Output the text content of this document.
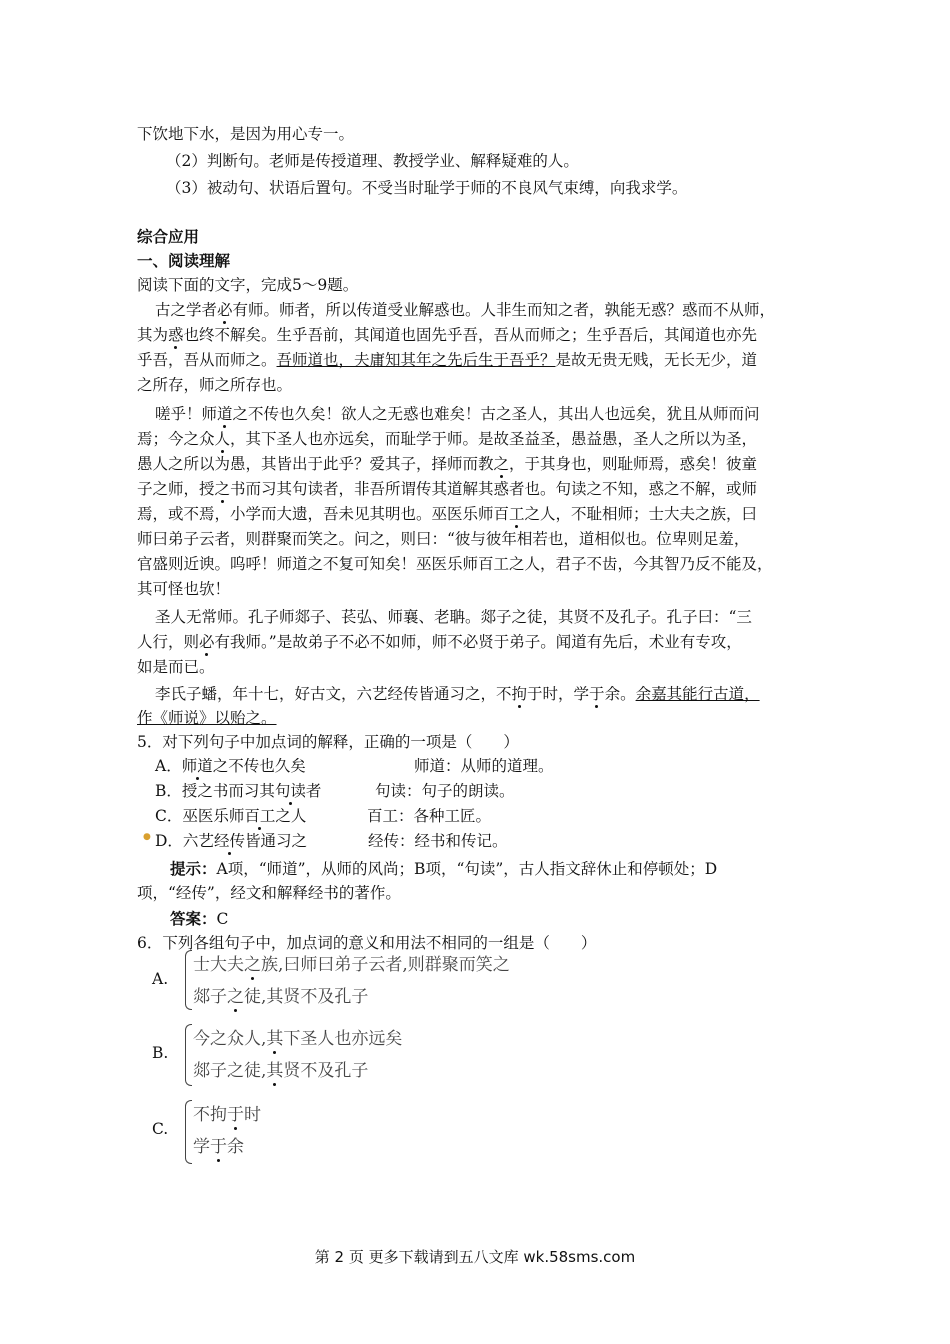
下饮地下水，是因为用心专一。
（2）判断句。老师是传授道理、教授学业、解释疑难的人。
（3）被动句、状语后置句。不受当时耻学于师的不良风气束缚，向我求学。
综合应用
一、阅读理解
阅读下面的文字，完成5～9题。
古之学者必有师。师者，所以传道受业解惑也。人非生而知之者，孰能无惑？惑而不从师，
其为惑也终不解矣。生乎吾前，其闻道也固先乎吾，吾从而师之；生乎吾后，其闻道也亦先
乎吾，吾从而师之。吾师道也，夫庸知其年之先后生于吾乎？是故无贵无贱，无长无少，道
之所存，师之所存也。
嗟乎！师道之不传也久矣！欲人之无惑也难矣！古之圣人，其出人也远矣，犹且从师而问
焉；今之众人，其下圣人也亦远矣，而耻学于师。是故圣益圣，愚益愚，圣人之所以为圣，
愚人之所以为愚，其皆出于此乎？爱其子，择师而教之，于其身也，则耻师焉，惑矣！彼童
子之师，授之书而习其句读者，非吾所谓传其道解其惑者也。句读之不知，惑之不解，或师
焉，或不焉，小学而大遗，吾未见其明也。巫医乐师百工之人，不耻相师；士大夫之族，曰
师曰弟子云者，则群聚而笑之。问之，则曰：“彼与彼年相若也，道相似也。位卑则足羞，
官盛则近谀。呜呼！师道之不复可知矣！巫医乐师百工之人，君子不齿，今其智乃反不能及，
其可怪也欤！
圣人无常师。孔子师郯子、苌弘、师襄、老聃。郯子之徒，其贤不及孔子。孔子曰：“三
人行，则必有我师。”是故弟子不必不如师，师不必贤于弟子。闻道有先后，术业有专攻，
如是而已。
李氏子蟠，年十七，好古文，六艺经传皆通习之，不拘于时，学于余。余嘉其能行古道，
作《师说》以贻之。
5．对下列句子中加点词的解释，正确的一项是（　　）
A．师道之不传也久矣	师道：从师的道理。
B．授之书而习其句读者	句读：句子的朗读。
C．巫医乐师百工之人	百工：各种工匠。
D．六艺经传皆通习之	经传：经书和传记。
●
提示：A项，“师道”，从师的风尚；B项，“句读”，古人指文辞休止和停顿处；D
项，“经传”，经文和解释经书的著作。
答案：C
6．下列各组句子中，加点词的意义和用法不相同的一组是（　　）
A.
士大夫之族,曰师曰弟子云者,则群聚而笑之
郯子之徒,其贤不及孔子
B.
今之众人,其下圣人也亦远矣
郯子之徒,其贤不及孔子
C.
不拘于时
学于余
第 2 页 更多下载请到五八文库 wk.58sms.com
